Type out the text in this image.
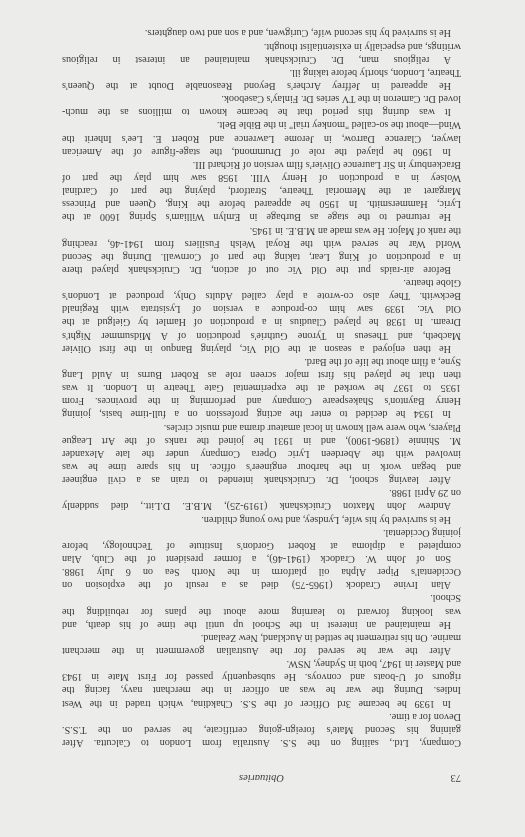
73
Obituaries
Company, Ltd., sailing on the S.S. Australia from London to Calcutta. After
gaining his Second Mate's foreign-going certificate, he served on the T.S.S.
Devon for a time.
In 1939 he became 3rd Officer of the S.S. Chakdina, which traded in the West
Indies. During the war he was an officer in the merchant navy, facing the
rigours of U-boats and convoys. He subsequently passed for First Mate in 1943
and Master in 1947, both in Sydney, NSW.
After the war he served for the Australian government in the merchant
marine. On his retirement he settled in Auckland, New Zealand.
He maintained an interest in the School up until the time of his death, and
was looking forward to learning more about the plans for rebuilding the
School.
Alan Irvine Cradock (1965-75) died as a result of the explosion on
Occidental's Piper Alpha oil platform in the North Sea on 6 July 1988.
Son of John W. Cradock (1941-46), a former president of the Club, Alan
completed a diploma at Robert Gordon's Institute of Technology, before
joining Occidental.
He is survived by his wife, Lyndsey, and two young children.
Andrew John Maxton Cruickshank (1919-25), M.B.E. D.Litt., died suddenly
on 29 April 1988.
After leaving school, Dr. Cruickshank intended to train as a civil engineer
and began work in the harbour engineer's office. In his spare time he was
involved with the Aberdeen Lyric Opera Company under the late Alexander
M. Shinnie (1896-1900), and in 1931 he joined the ranks of the Art League
Players, who were well known in local amateur drama and music circles.
In 1934 he decided to enter the acting profession on a full-time basis, joining
Henry Baynton's Shakespeare Company and performing in the provinces. From
1935 to 1937 he worked at the experimental Gate Theatre in London. It was
then that he played his first major screen role as Robert Burns in Auld Lang
Syne, a film about the life of the Bard.
He then enjoyed a season at the Old Vic, playing Banquo in the first Olivier
Macbeth, and Theseus in Tyrone Guthrie's production of A Midsummer Night's
Dream. In 1938 he played Claudius in a production of Hamlet by Gielgud at the
Old Vic. 1939 saw him co-produce a version of Lysistrata with Reginald
Beckwith. They also co-wrote a play called Adults Only, produced at London's
Globe theatre.
Before air-raids put the Old Vic out of action, Dr. Cruickshank played there
in a production of King Lear, taking the part of Cornwall. During the Second
World War he served with the Royal Welsh Fusiliers from 1941-46, reaching
the rank of Major. He was made an M.B.E. in 1945.
He returned to the stage as Burbage in Emlyn William's Spring 1600 at the
Lyric, Hammersmith. In 1950 he appeared before the King, Queen and Princess
Margaret at the Memorial Theatre, Stratford, playing the part of Cardinal
Wolsey in a production of Henry VIII. 1958 saw him play the part of
Brackenbury in Sir Laurence Olivier's film version of Richard III.
In 1960 he played the role of Drummond, the stage-figure of the American
lawyer, Clarence Darrow, in Jerome Lawrence and Robert E. Lee's Inherit the
Wind—about the so-called "monkey trial" in the Bible Belt.
It was during this period that he became known to millions as the much-
loved Dr. Cameron in the TV series Dr. Finlay's Casebook.
He appeared in Jeffrey Archer's Beyond Reasonable Doubt at the Queen's
Theatre, London, shortly before taking ill.
A religious man, Dr. Cruickshank maintained an interest in religious
writings, and especially in existentialist thought.
He is survived by his second wife, Curigwen, and a son and two daughters.
